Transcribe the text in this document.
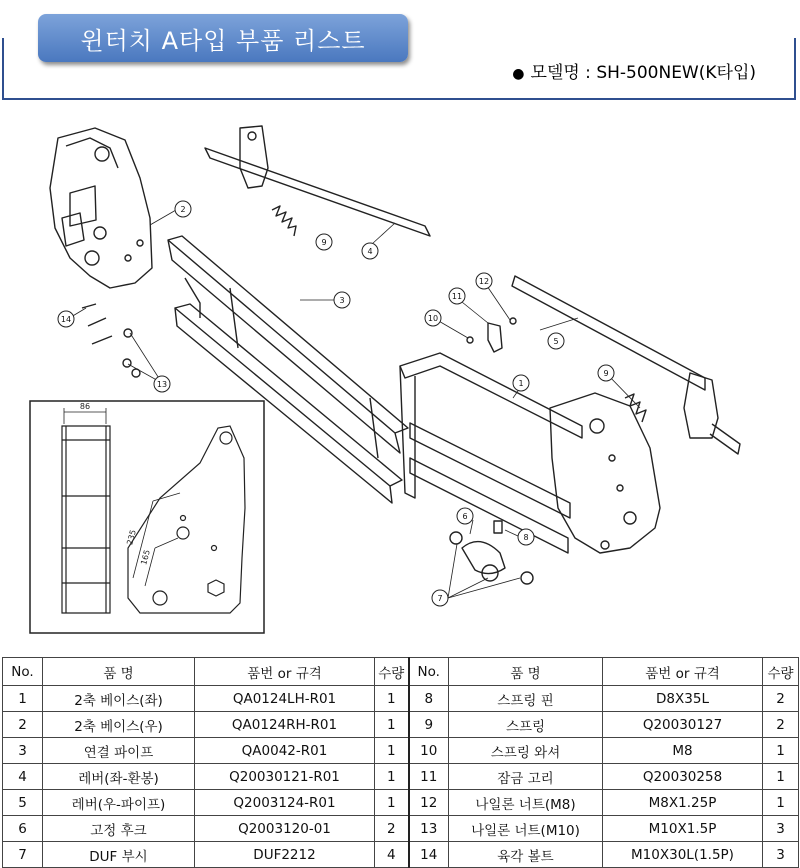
윈터치 A타입 부품 리스트
● 모델명 : SH-500NEW(K타입)
1
2
3
4
5
6
7
8
9
9
10
11
12
13
14
86
235
165
No.	품 명	품번 or 규격	수량	No.	품 명	품번 or 규격	수량
1	2축 베이스(좌)	QA0124LH-R01	1	8	스프링 핀	D8X35L	2
2	2축 베이스(우)	QA0124RH-R01	1	9	스프링	Q20030127	2
3	연결 파이프	QA0042-R01	1	10	스프링 와셔	M8	1
4	레버(좌-환봉)	Q20030121-R01	1	11	잠금 고리	Q20030258	1
5	레버(우-파이프)	Q2003124-R01	1	12	나일론 너트(M8)	M8X1.25P	1
6	고정 후크	Q2003120-01	2	13	나일론 너트(M10)	M10X1.5P	3
7	DUF 부시	DUF2212	4	14	육각 볼트	M10X30L(1.5P)	3
